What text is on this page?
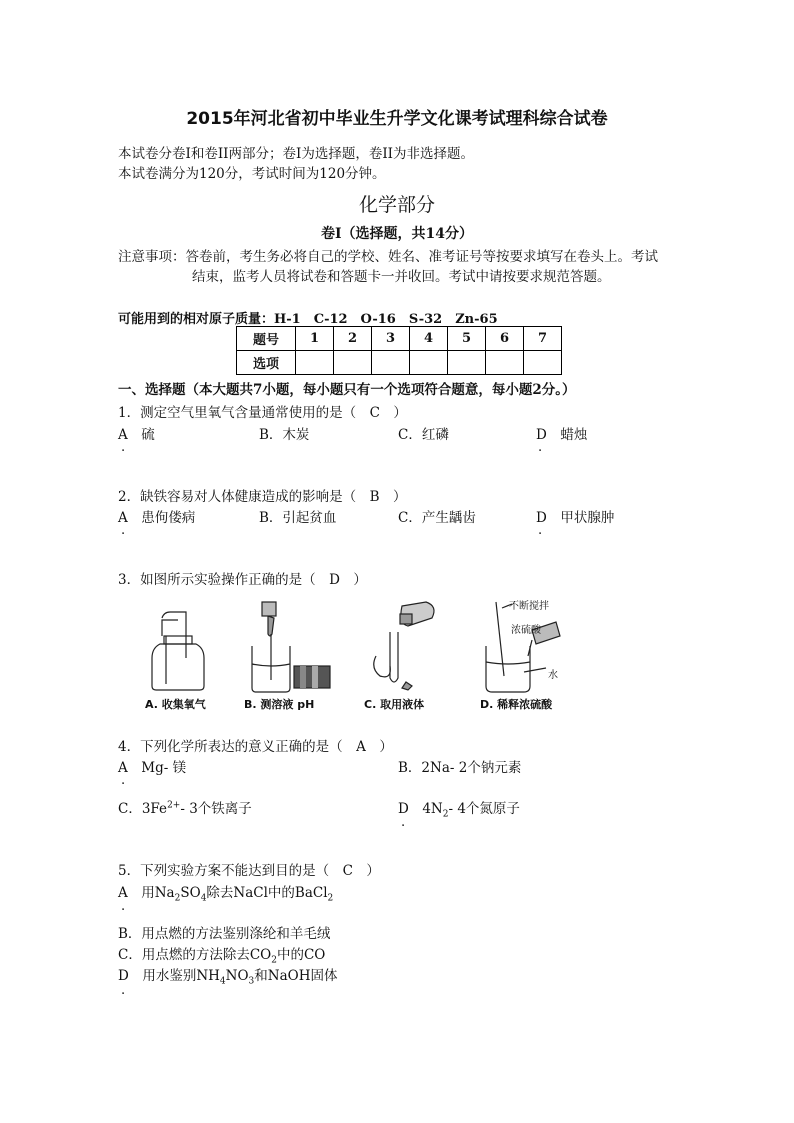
2015年河北省初中毕业生升学文化课考试理科综合试卷
本试卷分卷I和卷II两部分；卷I为选择题，卷II为非选择题。
本试卷满分为120分，考试时间为120分钟。
化学部分
卷Ⅰ（选择题，共14分）
注意事项：答卷前，考生务必将自己的学校、姓名、准考证号等按要求填写在卷头上。考试
结束，监考人员将试卷和答题卡一并收回。考试中请按要求规范答题。
可能用到的相对原子质量：H-1　C-12　O-16　S-32　Zn-65
题号	1	2	3	4	5	6	7
选项							
一、选择题（本大题共7小题，每小题只有一个选项符合题意，每小题2分。）
1．测定空气里氧气含量通常使用的是（　C　）
A　硫	B．木炭	C．红磷	D　蜡烛
.	.
2．缺铁容易对人体健康造成的影响是（　B　）
A　患佝偻病	B．引起贫血	C．产生龋齿	D　甲状腺肿
.	.
3．如图所示实验操作正确的是（　D　）
不断搅拌
浓硫酸
水
A. 收集氧气	B. 测溶液 pH	C. 取用液体	D. 稀释浓硫酸
4．下列化学所表达的意义正确的是（　A　）
A　Mg- 镁	B．2Na- 2个钠元素
.
C．$3Fe^{2+}-$ 3个铁离子	D　$4N_2-$ 4个氮原子
.
5．下列实验方案不能达到目的是（　C　）
A　用$Na_2SO_4$除去NaCl中的BaCl$_2$
.
B．用点燃的方法鉴别涤纶和羊毛绒
C．用点燃的方法除去$CO_2$中的CO
D　用水鉴别$NH_4NO_3$和NaOH固体
.
